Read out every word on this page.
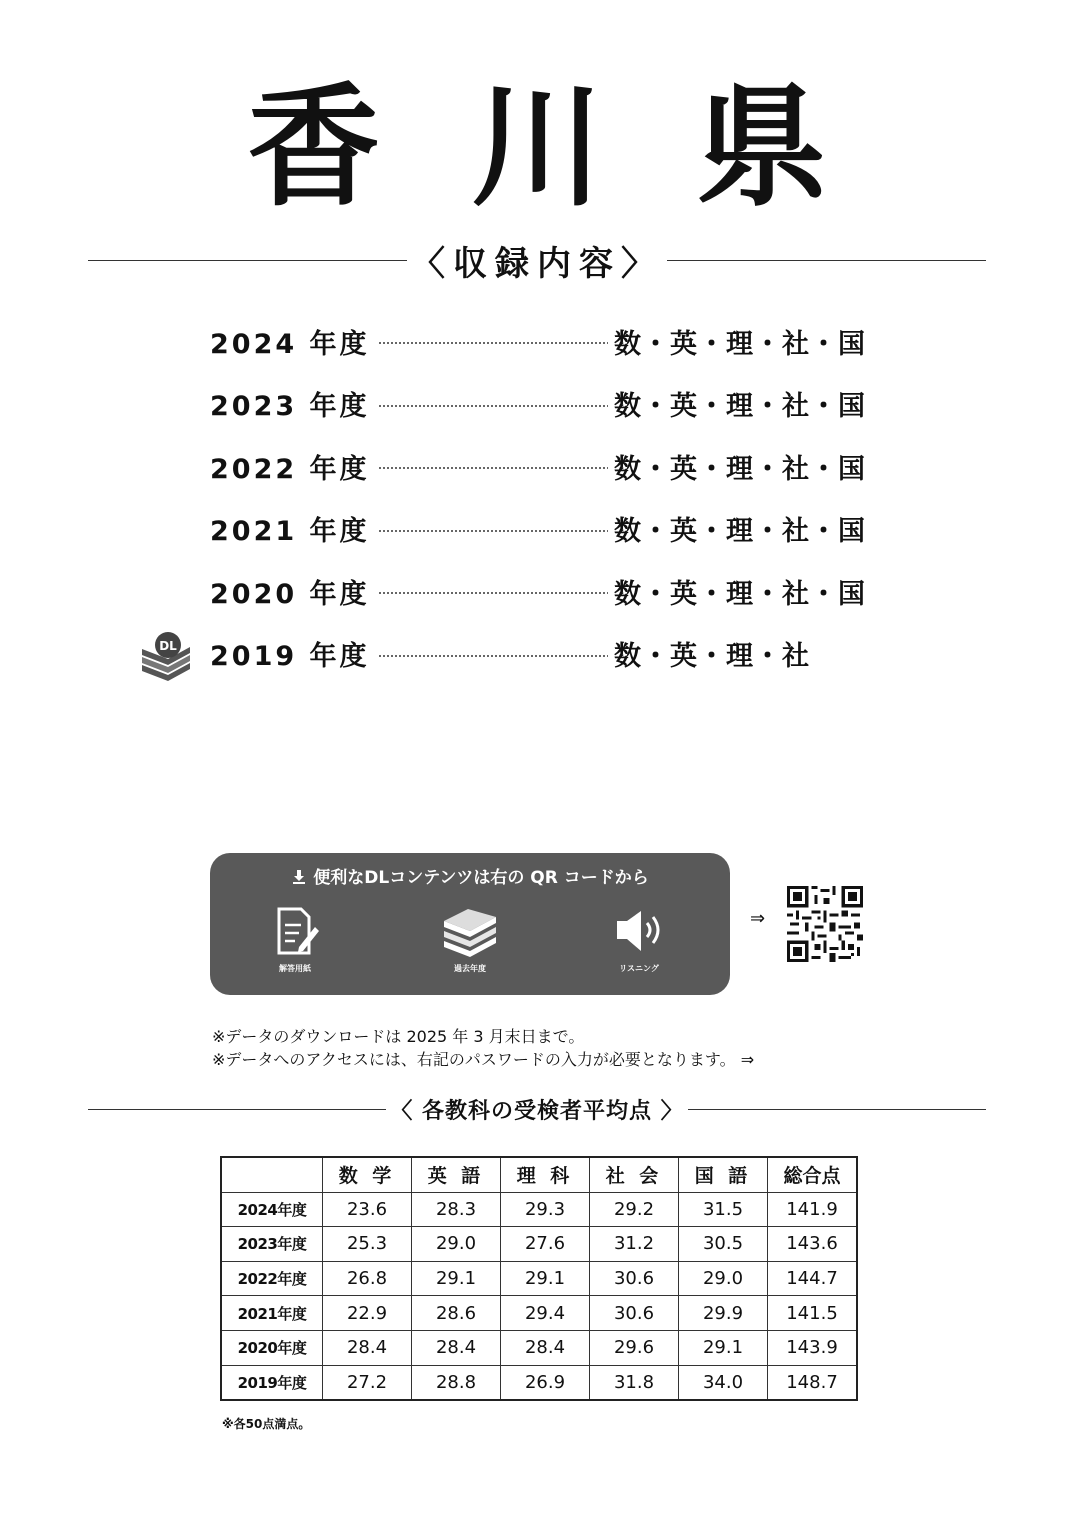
香 川 県
〈収録内容〉
2024 年度	数・英・理・社・国
2023 年度	数・英・理・社・国
2022 年度	数・英・理・社・国
2021 年度	数・英・理・社・国
2020 年度	数・英・理・社・国
DL 2019 年度	数・英・理・社
便利なDLコンテンツは右の QR コードから
解答用紙	過去年度	リスニング
⇒
※データのダウンロードは 2025 年 3 月末日まで。
※データへのアクセスには、右記のパスワードの入力が必要となります。 ⇒
〈 各教科の受検者平均点 〉
	数 学	英 語	理 科	社 会	国 語	総合点
2024年度	23.6	28.3	29.3	29.2	31.5	141.9
2023年度	25.3	29.0	27.6	31.2	30.5	143.6
2022年度	26.8	29.1	29.1	30.6	29.0	144.7
2021年度	22.9	28.6	29.4	30.6	29.9	141.5
2020年度	28.4	28.4	28.4	29.6	29.1	143.9
2019年度	27.2	28.8	26.9	31.8	34.0	148.7
※各50点満点。
